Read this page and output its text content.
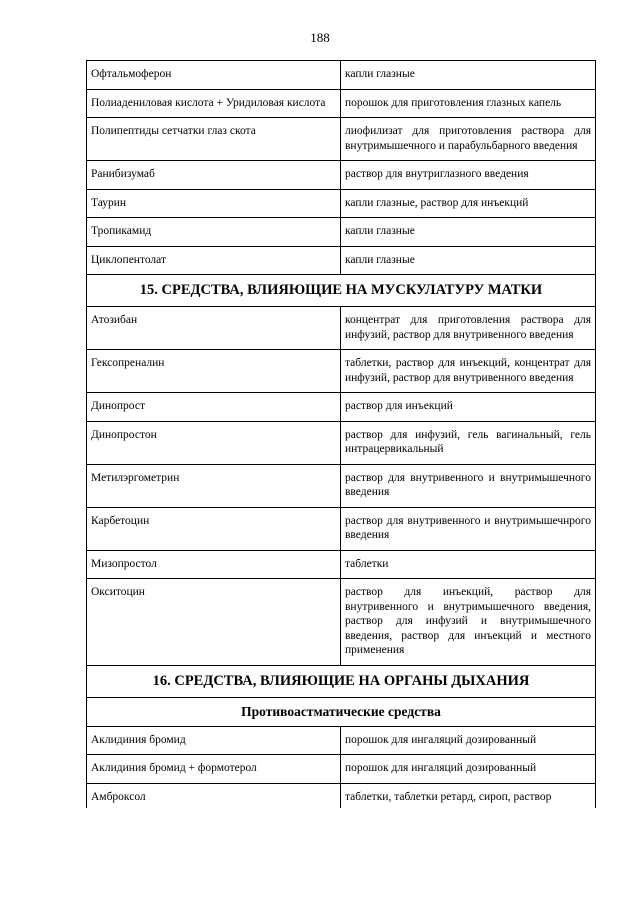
188
Офтальмоферон	капли глазные
Полиадениловая кислота + Уридиловая кислота	порошок для приготовления глазных капель
Полипептиды сетчатки глаз скота	лиофилизат для приготовления раствора для внутримышечного и парабульбарного введения
Ранибизумаб	раствор для внутриглазного введения
Таурин	капли глазные, раствор для инъекций
Тропикамид	капли глазные
Циклопентолат	капли глазные
15. СРЕДСТВА, ВЛИЯЮЩИЕ НА МУСКУЛАТУРУ МАТКИ	
Атозибан	концентрат для приготовления раствора для инфузий, раствор для внутривенного введения
Гексопреналин	таблетки, раствор для инъекций, концентрат для инфузий, раствор для внутривенного введения
Динопрост	раствор для инъекций
Динопростон	раствор для инфузий, гель вагинальный, гель интрацервикальный
Метилэргометрин	раствор для внутривенного и внутримышечного введения
Карбетоцин	раствор для внутривенного и внутримышечнрого введения
Мизопростол	таблетки
Окситоцин	раствор для инъекций, раствор для внутривенного и внутримышечного введения, раствор для инфузий и внутримышечного введения, раствор для инъекций и местного применения
16. СРЕДСТВА, ВЛИЯЮЩИЕ НА ОРГАНЫ ДЫХАНИЯ	
Противоастматические средства	
Аклидиния бромид	порошок для ингаляций дозированный
Аклидиния бромид + формотерол	порошок для ингаляций дозированный
Амброксол	таблетки, таблетки ретард, сироп, раствор
